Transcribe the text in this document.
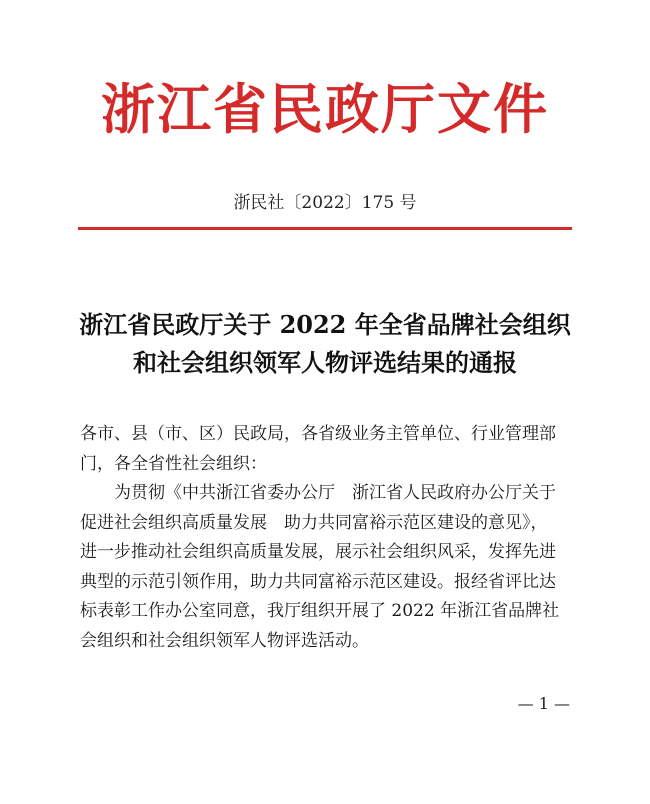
浙江省民政厅文件
浙民社〔2022〕175 号
浙江省民政厅关于 2022 年全省品牌社会组织
和社会组织领军人物评选结果的通报
各市、县（市、区）民政局，各省级业务主管单位、行业管理部
门，各全省性社会组织：
为贯彻《中共浙江省委办公厅　浙江省人民政府办公厅关于
促进社会组织高质量发展　助力共同富裕示范区建设的意见》，
进一步推动社会组织高质量发展，展示社会组织风采，发挥先进
典型的示范引领作用，助力共同富裕示范区建设。报经省评比达
标表彰工作办公室同意，我厅组织开展了 2022 年浙江省品牌社
会组织和社会组织领军人物评选活动。
— 1 —
